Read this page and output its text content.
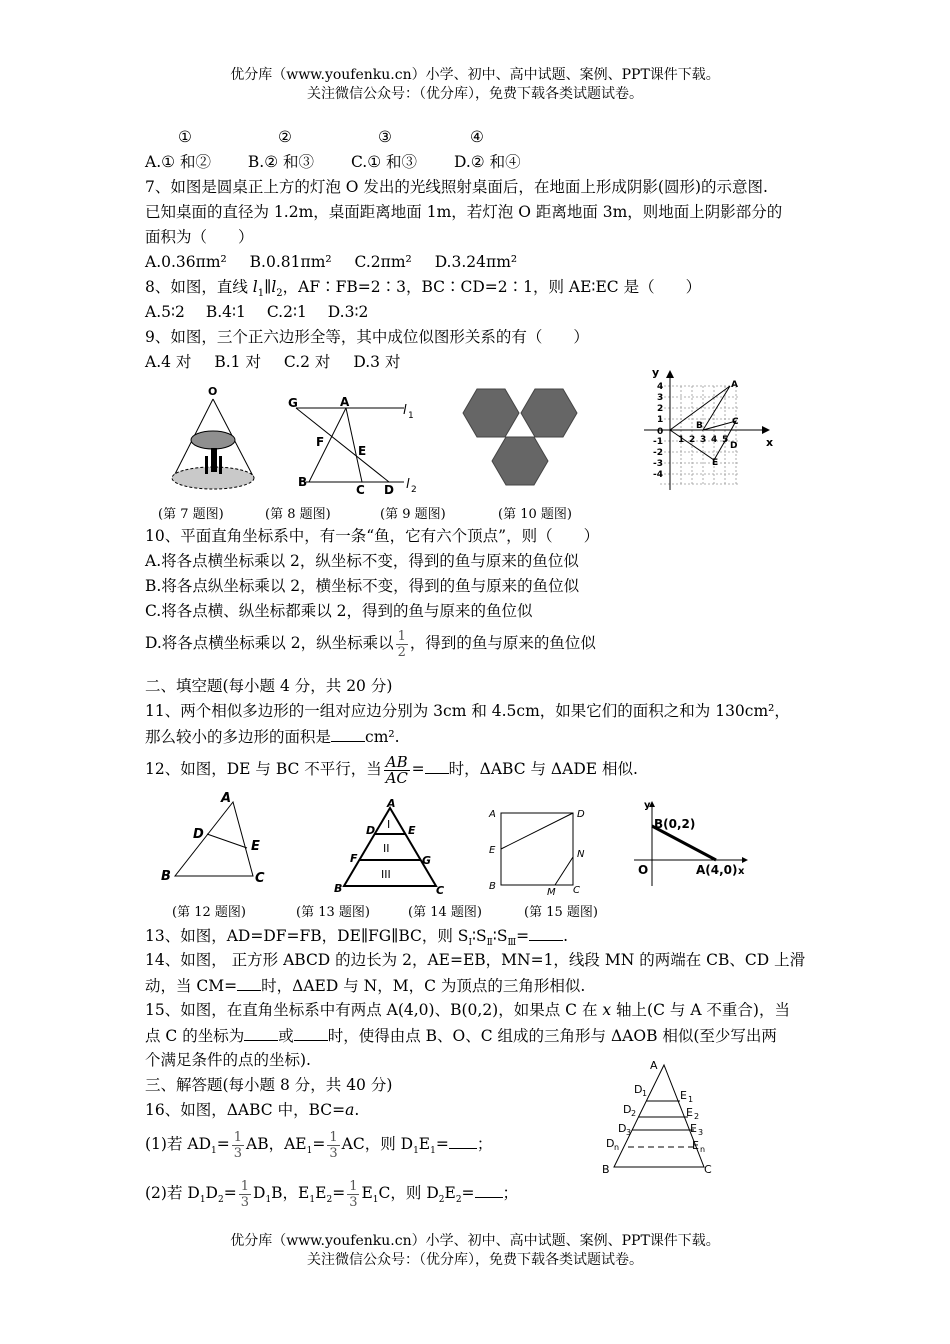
优分库（www.youfenku.cn）小学、初中、高中试题、案例、PPT课件下载。
关注微信公众号：（优分库），免费下载各类试题试卷。
①	②	③	④
A.① 和② B.② 和③ C.① 和③ D.② 和④
7、如图是圆桌正上方的灯泡 O 发出的光线照射桌面后，在地面上形成阴影(圆形)的示意图.
已知桌面的直径为 1.2m，桌面距离地面 1m，若灯泡 O 距离地面 3m，则地面上阴影部分的
面积为（　　）
A.0.36πm² B.0.81πm² C.2πm² D.3.24πm²
8、如图，直线 $l_1\parallel l_2$，AF∶FB=2∶3，BC∶CD=2∶1，则 AE∶EC 是（　　）
A.5∶2 B.4∶1 C.2∶1 D.3∶2
9、如图，三个正六边形全等，其中成位似图形关系的有（　　）
A.4 对 B.1 对 C.2 对 D.3 对
O
G	A
l 1
F
E
B
C D l 2
y
x
4
3
2
1
0
-1
-2
-3
-4
1 2 3 4 5
A
B	C
D
E
(第 7 题图)	(第 8 题图)	(第 9 题图)	(第 10 题图)
10、平面直角坐标系中，有一条“鱼，它有六个顶点”，则（　　）
A.将各点横坐标乘以 2，纵坐标不变，得到的鱼与原来的鱼位似
B.将各点纵坐标乘以 2，横坐标不变，得到的鱼与原来的鱼位似
C.将各点横、纵坐标都乘以 2，得到的鱼与原来的鱼位似
D.将各点横坐标乘以 2，纵坐标乘以 $\frac{1}{2}$ ，得到的鱼与原来的鱼位似
二、填空题(每小题 4 分，共 20 分)
11、两个相似多边形的一组对应边分别为 3cm 和 4.5cm，如果它们的面积之和为 130cm²，
那么较小的多边形的面积是 cm².
12、如图，DE 与 BC 不平行，当 $\frac{AB}{AC}$ = 时，ΔABC 与 ΔADE 相似.
A
D
E
B	C
A
D	E
F	G
B	C
I
II
III
A	D
E	N
B
M C
y
B(0,2)
O	A(4,0) x
(第 12 题图)	(第 13 题图)	(第 14 题图)	(第 15 题图)
13、如图，AD=DF=FB，DE∥FG∥BC，则 $S_Ⅰ∶S_Ⅱ∶S_Ⅲ=$ .
14、如图， 正方形 ABCD 的边长为 2，AE=EB，MN=1，线段 MN 的两端在 CB、CD 上滑
动，当 CM= 时，ΔAED 与 N，M，C 为顶点的三角形相似.
15、如图，在直角坐标系中有两点 A(4,0)、B(0,2)，如果点 C 在 x 轴上(C 与 A 不重合)，当
点 C 的坐标为 或 时，使得由点 B、O、C 组成的三角形与 ΔAOB 相似(至少写出两
个满足条件的点的坐标).
三、解答题(每小题 8 分，共 40 分)
16、如图，ΔABC 中，BC=a.
(1)若 $AD_1= \frac{1}{3}$ AB，$AE_1= \frac{1}{3}$ AC，则 $D_1E_1=$ ；
(2)若 $D_1D_2= \frac{1}{3} D_1B$，$E_1E_2= \frac{1}{3} E_1C$，则 $D_2E_2=$ ；
A
D 1	E 1
D 2	E 2
D 3	E 3
D n	E n
B	C
优分库（www.youfenku.cn）小学、初中、高中试题、案例、PPT课件下载。
关注微信公众号：（优分库），免费下载各类试题试卷。
